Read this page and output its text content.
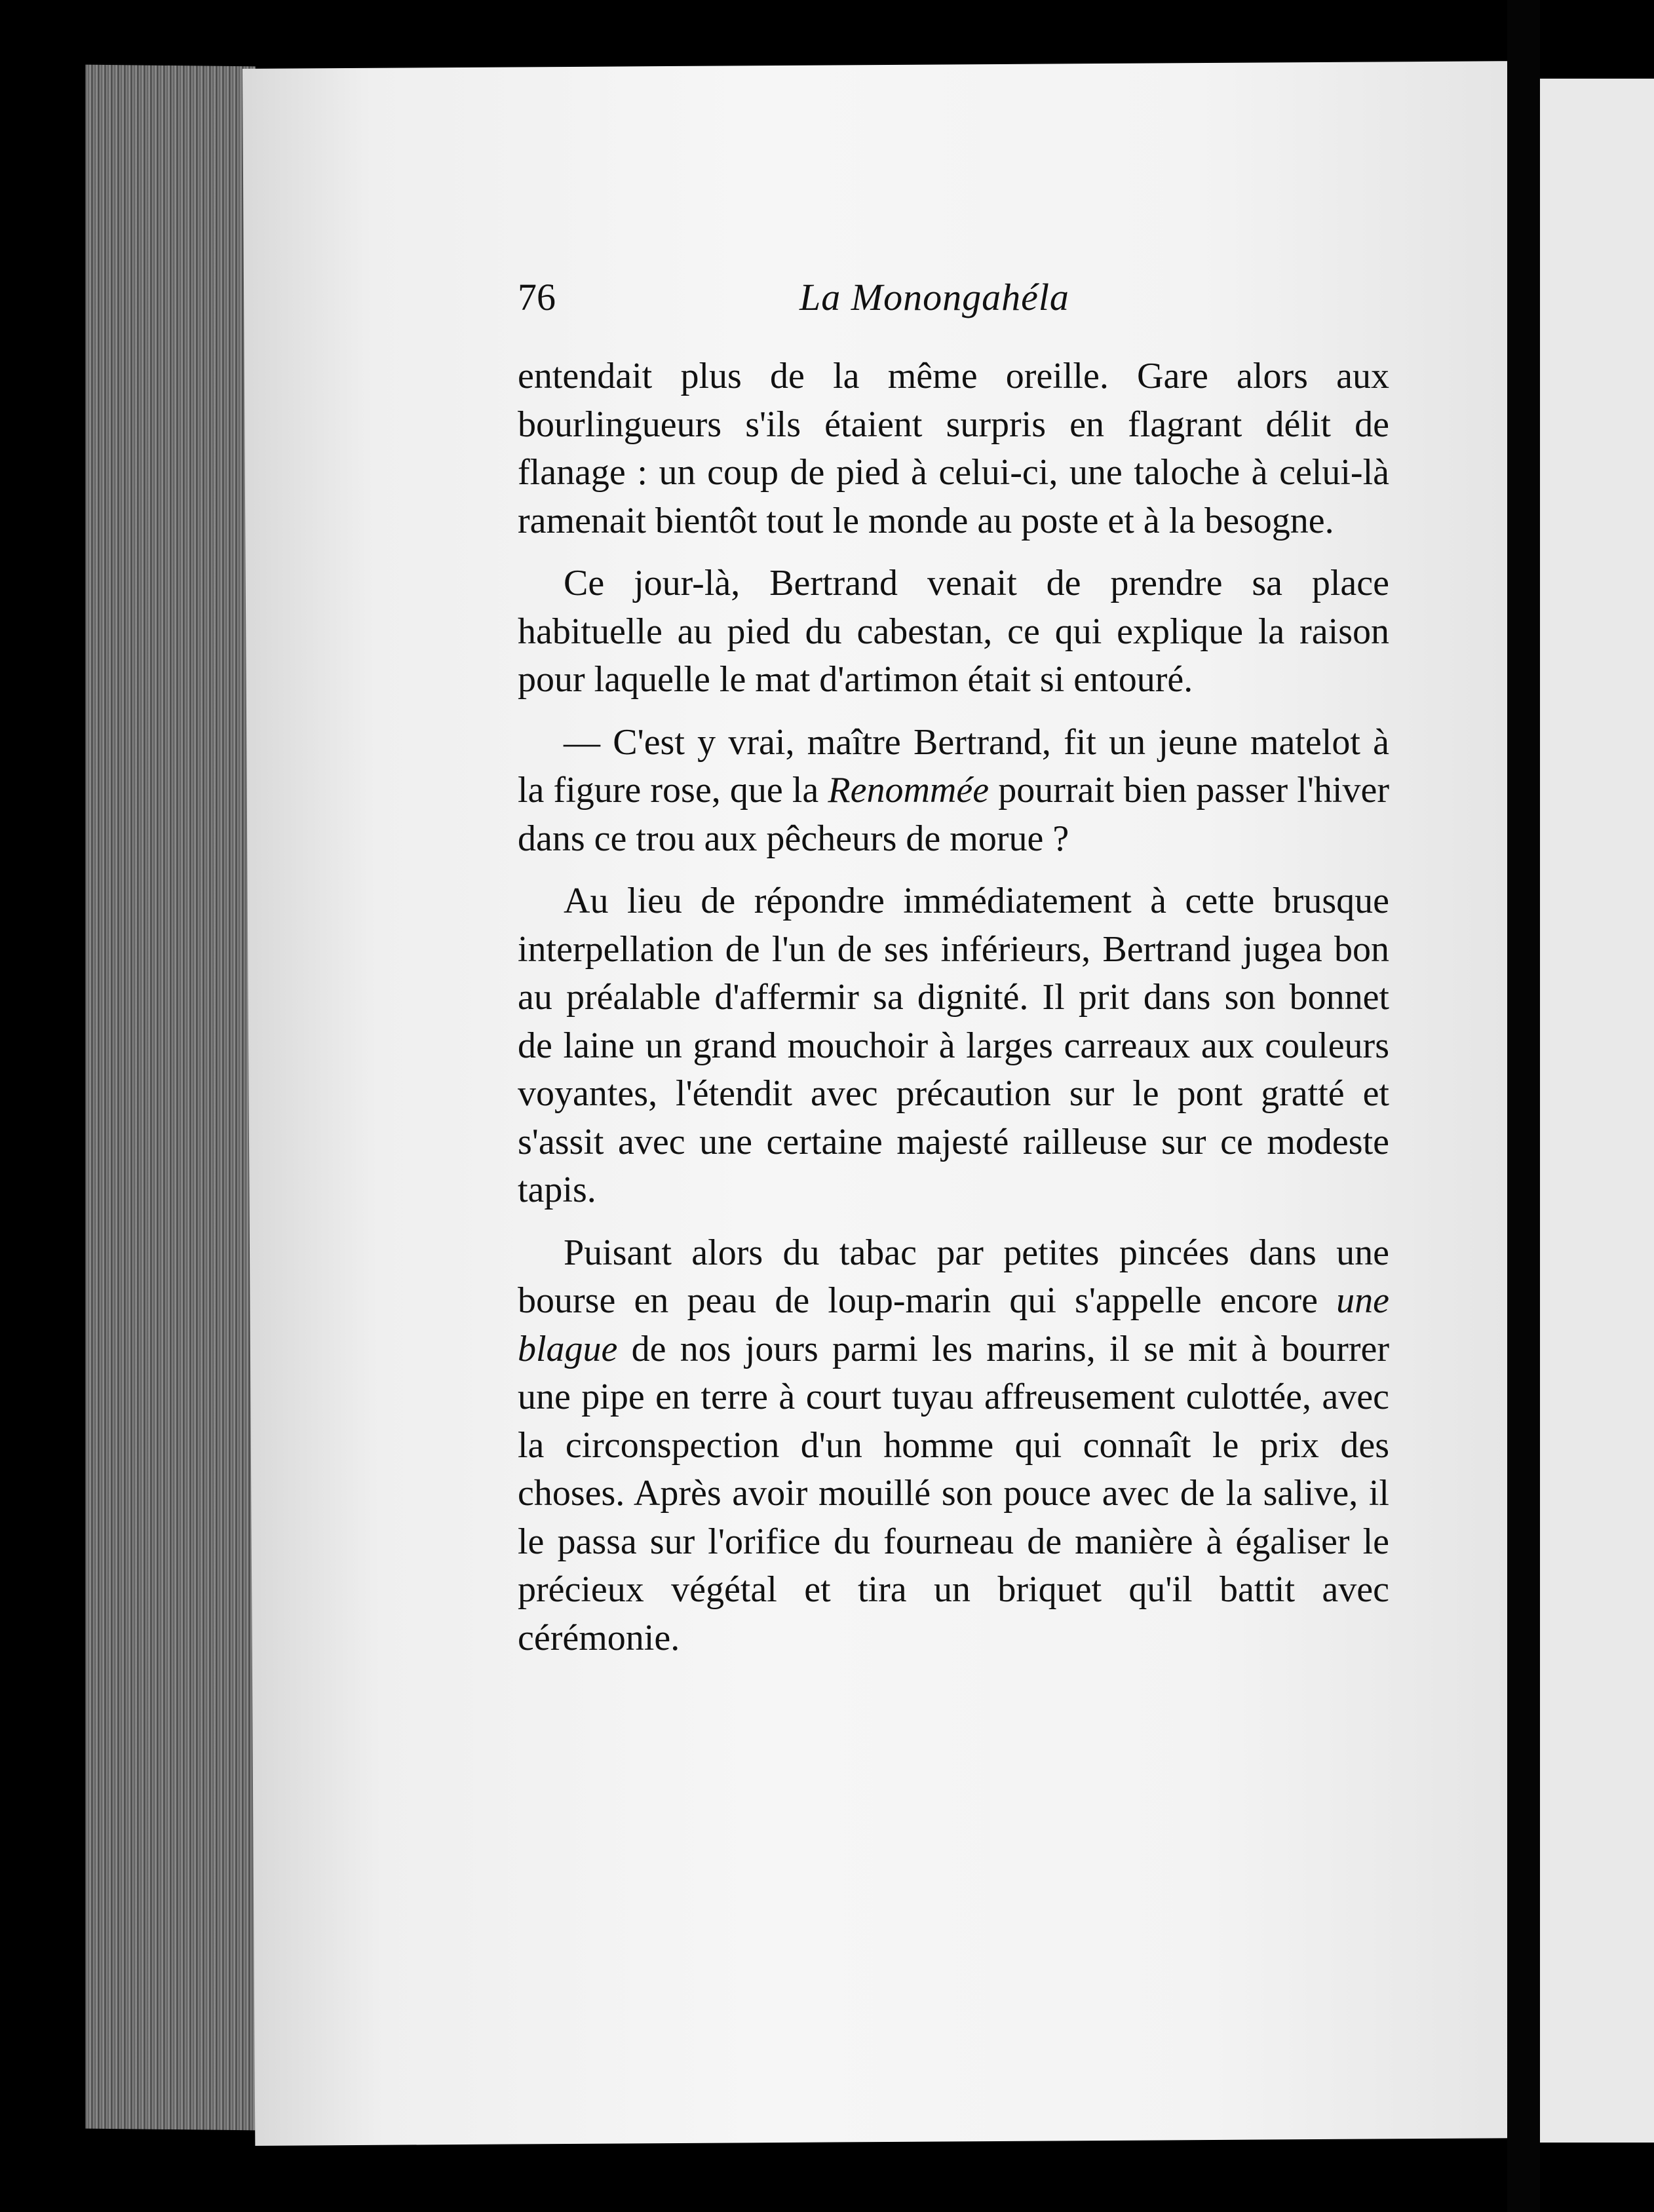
76	La Monongahéla

entendait plus de la même oreille. Gare alors aux bourlingueurs s'ils étaient surpris en flagrant délit de flanage : un coup de pied à celui-ci, une taloche à celui-là ramenait bientôt tout le monde au poste et à la besogne.

Ce jour-là, Bertrand venait de prendre sa place habituelle au pied du cabestan, ce qui explique la raison pour laquelle le mat d'artimon était si entouré.

— C'est y vrai, maître Bertrand, fit un jeune matelot à la figure rose, que la Renommée pourrait bien passer l'hiver dans ce trou aux pêcheurs de morue ?

Au lieu de répondre immédiatement à cette brusque interpellation de l'un de ses inférieurs, Bertrand jugea bon au préalable d'affermir sa dignité. Il prit dans son bonnet de laine un grand mouchoir à larges carreaux aux couleurs voyantes, l'étendit avec précaution sur le pont gratté et s'assit avec une certaine majesté railleuse sur ce modeste tapis.

Puisant alors du tabac par petites pincées dans une bourse en peau de loup-marin qui s'appelle encore une blague de nos jours parmi les marins, il se mit à bourrer une pipe en terre à court tuyau affreusement culottée, avec la circonspection d'un homme qui connaît le prix des choses. Après avoir mouillé son pouce avec de la salive, il le passa sur l'orifice du fourneau de manière à égaliser le précieux végétal et tira un briquet qu'il battit avec cérémonie.
